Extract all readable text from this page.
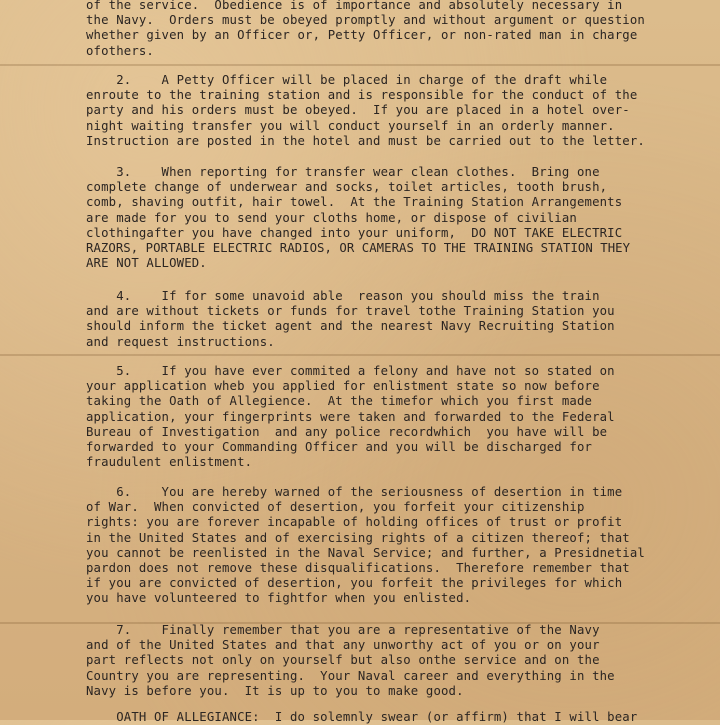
of the service.  Obedience is of importance and absolutely necessary in
the Navy.  Orders must be obeyed promptly and without argument or question
whether given by an Officer or, Petty Officer, or non-rated man in charge
ofothers.
2.    A Petty Officer will be placed in charge of the draft while
enroute to the training station and is responsible for the conduct of the
party and his orders must be obeyed.  If you are placed in a hotel over-
night waiting transfer you will conduct yourself in an orderly manner.
Instruction are posted in the hotel and must be carried out to the letter.
3.    When reporting for transfer wear clean clothes.  Bring one
complete change of underwear and socks, toilet articles, tooth brush,
comb, shaving outfit, hair towel.  At the Training Station Arrangements
are made for you to send your cloths home, or dispose of civilian
clothingafter you have changed into your uniform,  DO NOT TAKE ELECTRIC
RAZORS, PORTABLE ELECTRIC RADIOS, OR CAMERAS TO THE TRAINING STATION THEY
ARE NOT ALLOWED.
4.    If for some unavoid able  reason you should miss the train
and are without tickets or funds for travel tothe Training Station you
should inform the ticket agent and the nearest Navy Recruiting Station
and request instructions.
5.    If you have ever commited a felony and have not so stated on
your application wheb you applied for enlistment state so now before
taking the Oath of Allegience.  At the timefor which you first made
application, your fingerprints were taken and forwarded to the Federal
Bureau of Investigation  and any police recordwhich  you have will be
forwarded to your Commanding Officer and you will be discharged for
fraudulent enlistment.
6.    You are hereby warned of the seriousness of desertion in time
of War.  When convicted of desertion, you forfeit your citizenship
rights: you are forever incapable of holding offices of trust or profit
in the United States and of exercising rights of a citizen thereof; that
you cannot be reenlisted in the Naval Service; and further, a Presidnetial
pardon does not remove these disqualifications.  Therefore remember that
if you are convicted of desertion, you forfeit the privileges for which
you have volunteered to fightfor when you enlisted.
7.    Finally remember that you are a representative of the Navy
and of the United States and that any unworthy act of you or on your
part reflects not only on yourself but also onthe service and on the
Country you are representing.  Your Naval career and everything in the
Navy is before you.  It is up to you to make good.
OATH OF ALLEGIANCE:  I do solemnly swear (or affirm) that I will bear
